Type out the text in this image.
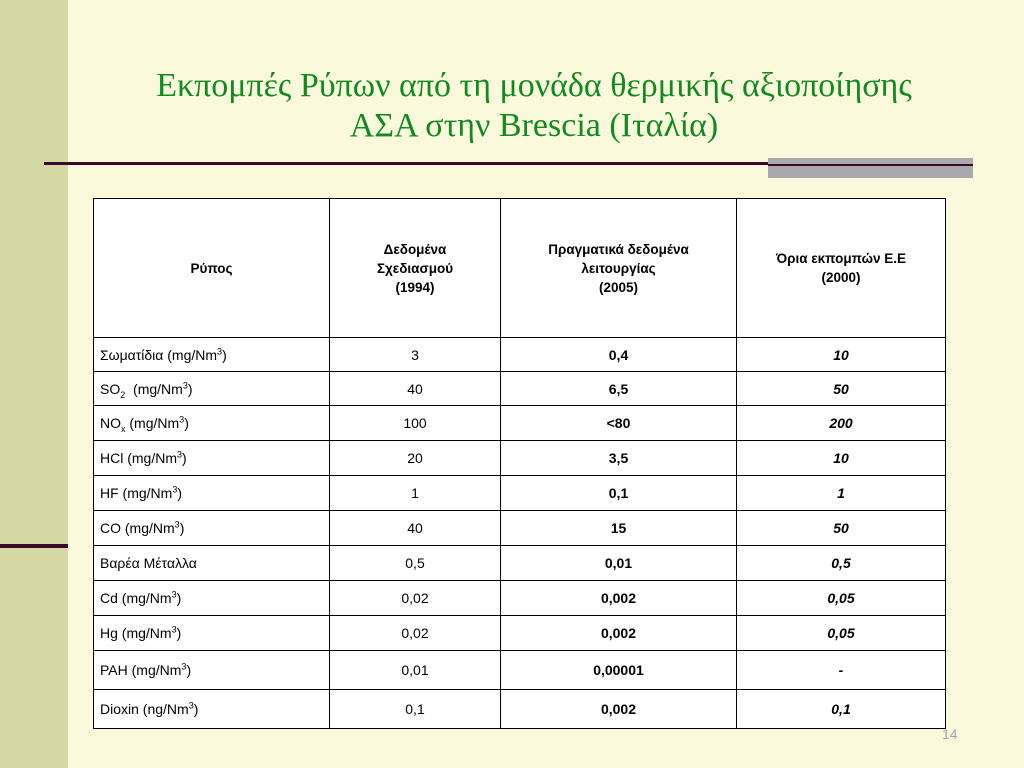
Εκπομπές Ρύπων από τη μονάδα θερμικής αξιοποίησης
ΑΣΑ στην Brescia (Ιταλία)
Ρύπος	Δεδομένα
Σχεδιασμού
(1994)	Πραγματικά δεδομένα
λειτουργίας
(2005)	Όρια εκπομπών Ε.Ε
(2000)

Σωματίδια (mg/Nm$^3$)	3	0,4	10
$SO_2$  (mg/Nm$^3$)	40	6,5	50
$NO_x$ (mg/Nm$^3$)	100	<80	200
HCl (mg/Nm$^3$)	20	3,5	10
HF (mg/Nm$^3$)	1	0,1	1
CO (mg/Nm$^3$)	40	15	50
Βαρέα Μέταλλα	0,5	0,01	0,5
Cd (mg/Nm$^3$)	0,02	0,002	0,05
Hg (mg/Nm$^3$)	0,02	0,002	0,05
PAH (mg/Nm$^3$)	0,01	0,00001	-
Dioxin (ng/Nm$^3$)	0,1	0,002	0,1
14
